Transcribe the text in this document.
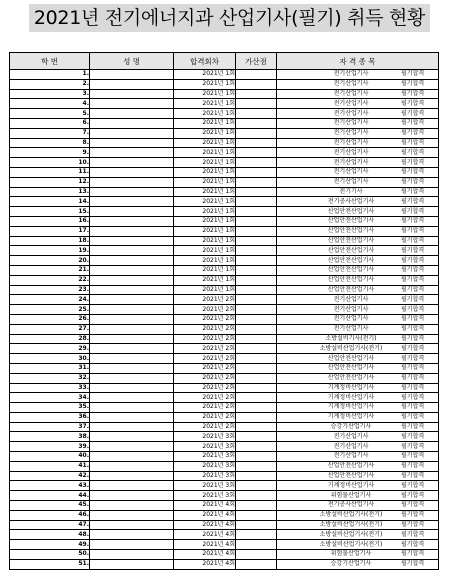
2021년 전기에너지과 산업기사(필기) 취득 현황
학 번	성 명	합격회차	가산점	자 격 종 목
1.		2021년 1회		전기산업기사 필기합격
2.		2021년 1회		전기산업기사 필기합격
3.		2021년 1회		전기산업기사 필기합격
4.		2021년 1회		전기산업기사 필기합격
5.		2021년 1회		전기산업기사 필기합격
6.		2021년 1회		전기산업기사 필기합격
7.		2021년 1회		전기산업기사 필기합격
8.		2021년 1회		전기산업기사 필기합격
9.		2021년 1회		전기산업기사 필기합격
10.		2021년 1회		전기산업기사 필기합격
11.		2021년 1회		전기산업기사 필기합격
12.		2021년 1회		전기산업기사 필기합격
13.		2021년 1회		전기기사 필기합격
14.		2021년 1회		전기공사산업기사 필기합격
15.		2021년 1회		산업안전산업기사 필기합격
16.		2021년 1회		산업안전산업기사 필기합격
17.		2021년 1회		산업안전산업기사 필기합격
18.		2021년 1회		산업안전산업기사 필기합격
19.		2021년 1회		산업안전산업기사 필기합격
20.		2021년 1회		산업안전산업기사 필기합격
21.		2021년 1회		산업안전산업기사 필기합격
22.		2021년 1회		산업안전산업기사 필기합격
23.		2021년 1회		산업안전산업기사 필기합격
24.		2021년 2회		전기산업기사 필기합격
25.		2021년 2회		전기산업기사 필기합격
26.		2021년 2회		전기산업기사 필기합격
27.		2021년 2회		전기산업기사 필기합격
28.		2021년 2회		소방설비기사(전기) 필기합격
29.		2021년 2회		소방설비산업기사(전기) 필기합격
30.		2021년 2회		산업안전산업기사 필기합격
31.		2021년 2회		산업안전산업기사 필기합격
32.		2021년 2회		산업안전산업기사 필기합격
33.		2021년 2회		기계정비산업기사 필기합격
34.		2021년 2회		기계정비산업기사 필기합격
35.		2021년 2회		기계정비산업기사 필기합격
36.		2021년 2회		기계정비산업기사 필기합격
37.		2021년 2회		승강기산업기사 필기합격
38.		2021년 3회		전기산업기사 필기합격
39.		2021년 3회		전기산업기사 필기합격
40.		2021년 3회		전기산업기사 필기합격
41.		2021년 3회		산업안전산업기사 필기합격
42.		2021년 3회		산업안전산업기사 필기합격
43.		2021년 3회		기계정비산업기사 필기합격
44.		2021년 3회		위험물산업기사 필기합격
45.		2021년 4회		전기공사산업기사 필기합격
46.		2021년 4회		소방설비산업기사(전기) 필기합격
47.		2021년 4회		소방설비산업기사(전기) 필기합격
48.		2021년 4회		소방설비산업기사(전기) 필기합격
49.		2021년 4회		소방설비산업기사(전기) 필기합격
50.		2021년 4회		위험물산업기사 필기합격
51.		2021년 4회		승강기산업기사 필기합격
